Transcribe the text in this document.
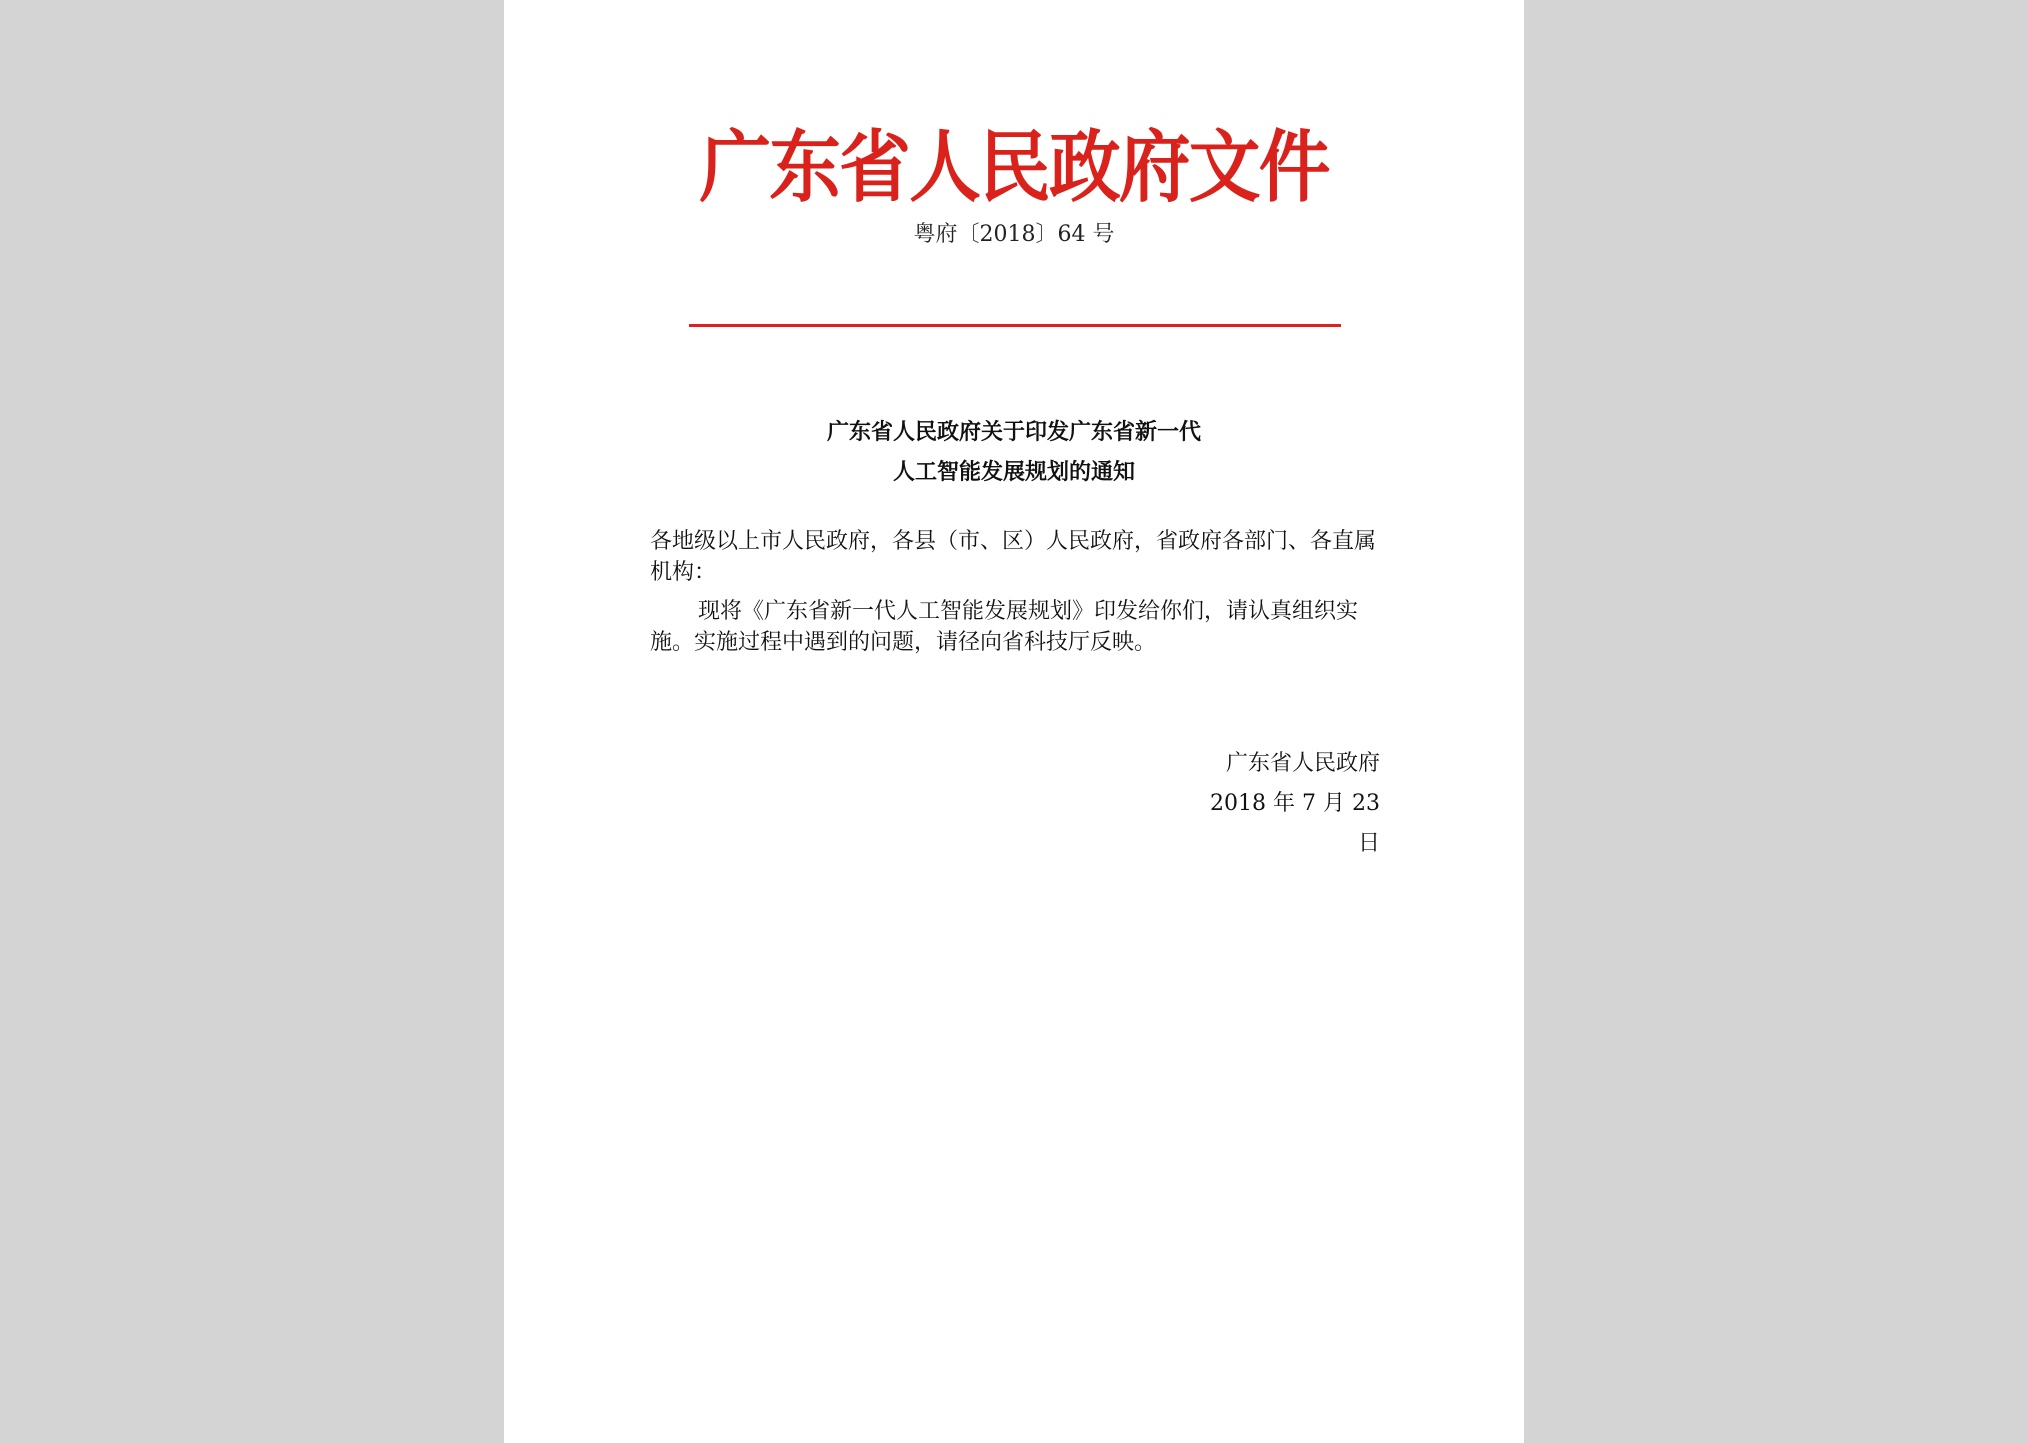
广东省人民政府文件
粤府〔2018〕64 号
广东省人民政府关于印发广东省新一代
人工智能发展规划的通知
各地级以上市人民政府，各县（市、区）人民政府，省政府各部门、各直属机构：
现将《广东省新一代人工智能发展规划》印发给你们，请认真组织实施。实施过程中遇到的问题，请径向省科技厅反映。
广东省人民政府
2018 年 7 月 23 日
